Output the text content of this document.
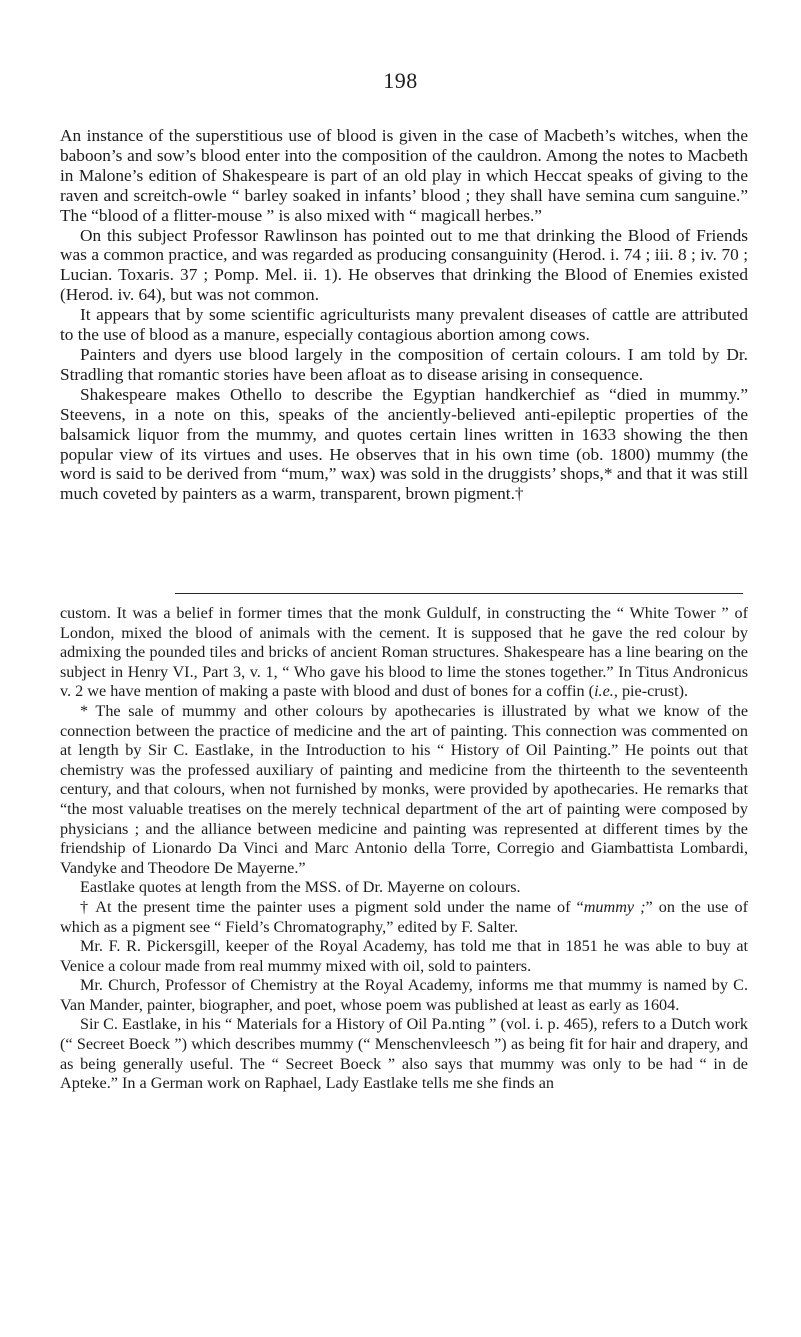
198

An instance of the superstitious use of blood is given in the case of Macbeth’s witches, when the baboon’s and sow’s blood enter into the composition of the cauldron. Among the notes to Macbeth in Malone’s edition of Shakespeare is part of an old play in which Heccat speaks of giving to the raven and screitch-owle “ barley soaked in infants’ blood ; they shall have semina cum sanguine.” The “blood of a flitter-mouse ” is also mixed with “ magicall herbes.”

On this subject Professor Rawlinson has pointed out to me that drinking the Blood of Friends was a common practice, and was regarded as producing consanguinity (Herod. i. 74 ; iii. 8 ; iv. 70 ; Lucian. Toxaris. 37 ; Pomp. Mel. ii. 1). He observes that drinking the Blood of Enemies existed (Herod. iv. 64), but was not common.

It appears that by some scientific agriculturists many prevalent diseases of cattle are attributed to the use of blood as a manure, especially contagious abortion among cows.

Painters and dyers use blood largely in the composition of certain colours. I am told by Dr. Stradling that romantic stories have been afloat as to disease arising in consequence.

Shakespeare makes Othello to describe the Egyptian handkerchief as “died in mummy.” Steevens, in a note on this, speaks of the anciently-believed anti-epileptic properties of the balsamick liquor from the mummy, and quotes certain lines written in 1633 showing the then popular view of its virtues and uses. He observes that in his own time (ob. 1800) mummy (the word is said to be derived from “mum,” wax) was sold in the druggists’ shops,* and that it was still much coveted by painters as a warm, transparent, brown pigment.†

custom. It was a belief in former times that the monk Guldulf, in constructing the “ White Tower ” of London, mixed the blood of animals with the cement. It is supposed that he gave the red colour by admixing the pounded tiles and bricks of ancient Roman structures. Shakespeare has a line bearing on the subject in Henry VI., Part 3, v. 1, “ Who gave his blood to lime the stones together.” In Titus Andronicus v. 2 we have mention of making a paste with blood and dust of bones for a coffin (i.e., pie-crust).

* The sale of mummy and other colours by apothecaries is illustrated by what we know of the connection between the practice of medicine and the art of painting. This connection was commented on at length by Sir C. Eastlake, in the Introduction to his “ History of Oil Painting.” He points out that chemistry was the professed auxiliary of painting and medicine from the thirteenth to the seventeenth century, and that colours, when not furnished by monks, were provided by apothecaries. He remarks that “the most valuable treatises on the merely technical department of the art of painting were composed by physicians ; and the alliance between medicine and painting was represented at different times by the friendship of Lionardo Da Vinci and Marc Antonio della Torre, Corregio and Giambattista Lombardi, Vandyke and Theodore De Mayerne.”

Eastlake quotes at length from the MSS. of Dr. Mayerne on colours.

† At the present time the painter uses a pigment sold under the name of “mummy ;” on the use of which as a pigment see “ Field’s Chromatography,” edited by F. Salter.

Mr. F. R. Pickersgill, keeper of the Royal Academy, has told me that in 1851 he was able to buy at Venice a colour made from real mummy mixed with oil, sold to painters.

Mr. Church, Professor of Chemistry at the Royal Academy, informs me that mummy is named by C. Van Mander, painter, biographer, and poet, whose poem was published at least as early as 1604.

Sir C. Eastlake, in his “ Materials for a History of Oil Pa.nting ” (vol. i. p. 465), refers to a Dutch work (“ Secreet Boeck ”) which describes mummy (“ Menschenvleesch ”) as being fit for hair and drapery, and as being generally useful. The “ Secreet Boeck ” also says that mummy was only to be had “ in de Apteke.” In a German work on Raphael, Lady Eastlake tells me she finds an
